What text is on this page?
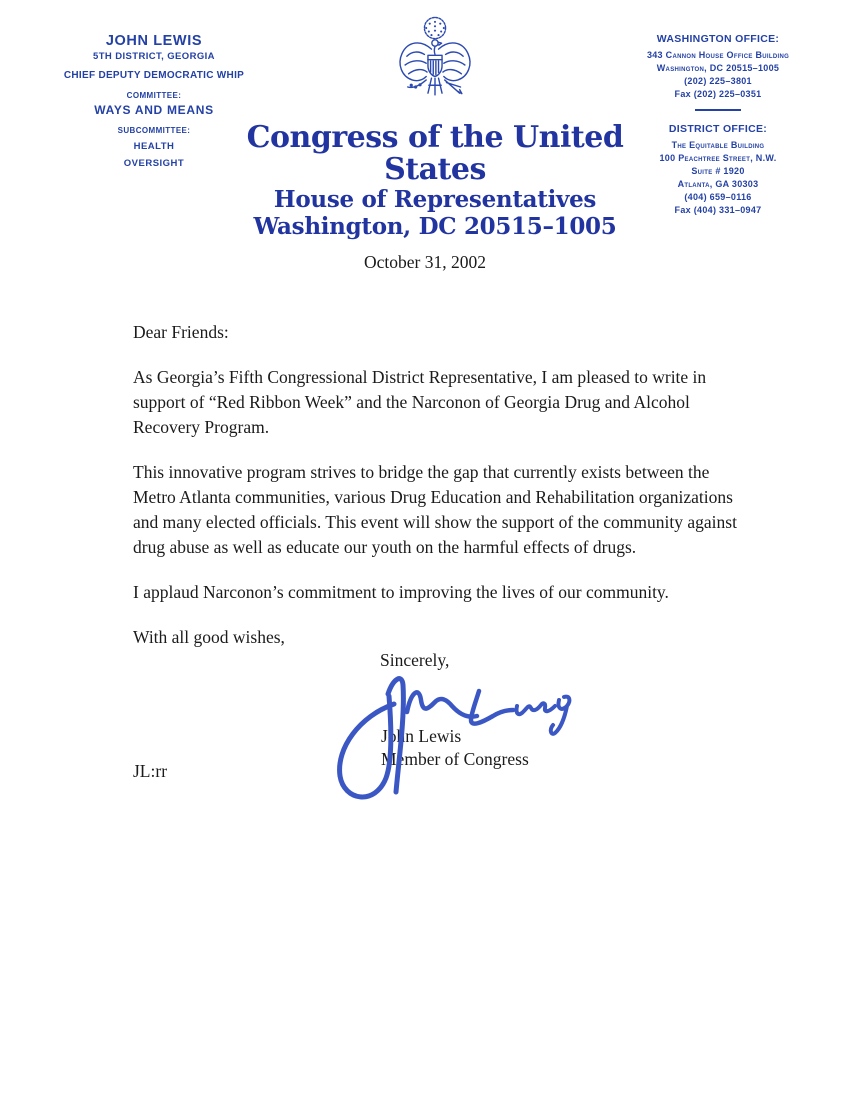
JOHN LEWIS
5TH DISTRICT, GEORGIA
CHIEF DEPUTY DEMOCRATIC WHIP
COMMITTEE:
WAYS AND MEANS
SUBCOMMITTEE:
HEALTH
OVERSIGHT
Congress of the United States
House of Representatives
Washington, DC 20515–1005
WASHINGTON OFFICE:
343 Cannon House Office Building
Washington, DC 20515–1005
(202) 225–3801
Fax (202) 225–0351
DISTRICT OFFICE:
The Equitable Building
100 Peachtree Street, N.W.
Suite # 1920
Atlanta, GA 30303
(404) 659–0116
Fax (404) 331–0947
October 31, 2002

Dear Friends:

As Georgia’s Fifth Congressional District Representative, I am pleased to write in support of “Red Ribbon Week” and the Narconon of Georgia Drug and Alcohol Recovery Program.

This innovative program strives to bridge the gap that currently exists between the Metro Atlanta communities, various Drug Education and Rehabilitation organizations and many elected officials. This event will show the support of the community against drug abuse as well as educate our youth on the harmful effects of drugs.

I applaud Narconon’s commitment to improving the lives of our community.

With all good wishes,

Sincerely,
John Lewis
Member of Congress
JL:rr
